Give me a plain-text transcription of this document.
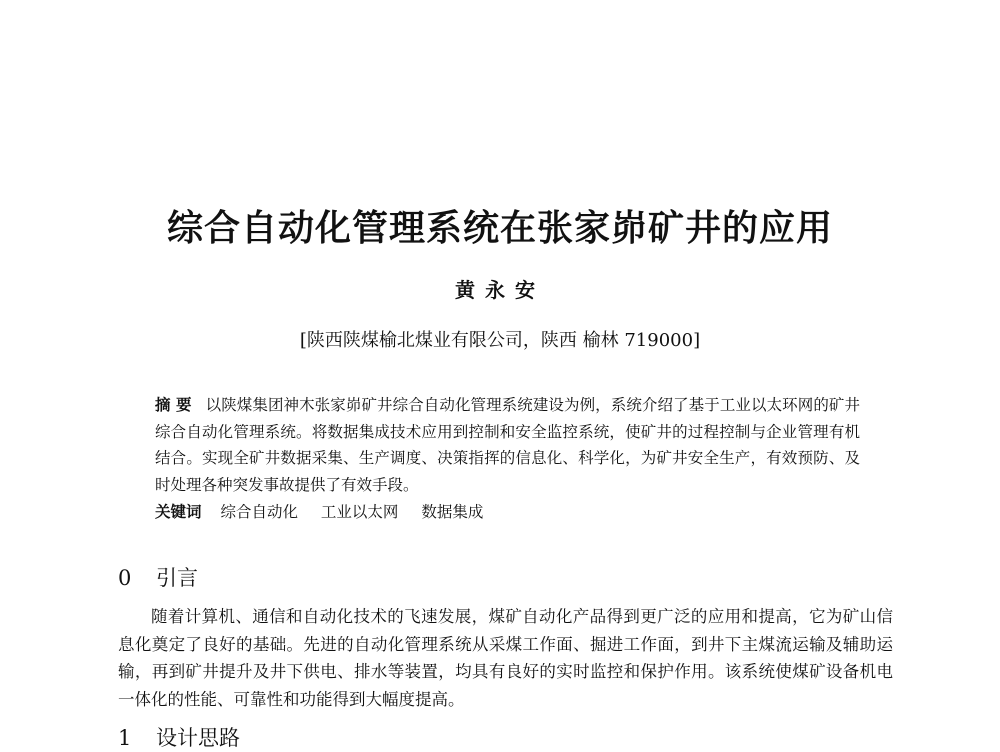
综合自动化管理系统在张家峁矿井的应用
黄永安
[陕西陕煤榆北煤业有限公司，陕西 榆林 719000]
摘 要 以陕煤集团神木张家峁矿井综合自动化管理系统建设为例，系统介绍了基于工业以太环网的矿井综合自动化管理系统。将数据集成技术应用到控制和安全监控系统，使矿井的过程控制与企业管理有机结合。实现全矿井数据采集、生产调度、决策指挥的信息化、科学化，为矿井安全生产，有效预防、及时处理各种突发事故提供了有效手段。
关键词 综合自动化 工业以太网 数据集成
0 引言
随着计算机、通信和自动化技术的飞速发展，煤矿自动化产品得到更广泛的应用和提高，它为矿山信息化奠定了良好的基础。先进的自动化管理系统从采煤工作面、掘进工作面，到井下主煤流运输及辅助运输，再到矿井提升及井下供电、排水等装置，均具有良好的实时监控和保护作用。该系统使煤矿设备机电一体化的性能、可靠性和功能得到大幅度提高。
1 设计思路
